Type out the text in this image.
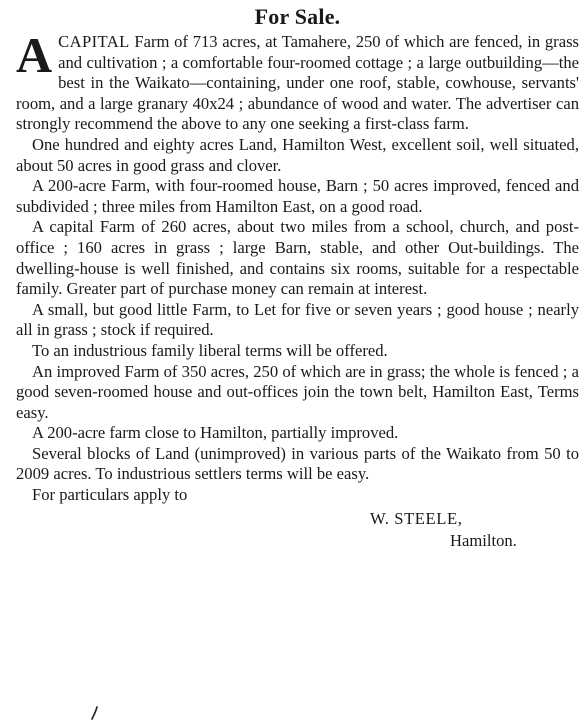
For Sale.

ACAPITAL Farm of 713 acres, at Tamahere, 250 of which are fenced, in grass and cultivation ; a comfortable four-roomed cottage ; a large outbuilding—the best in the Waikato—containing, under one roof, stable, cowhouse, servants' room, and a large granary 40x24 ; abundance of wood and water. The advertiser can strongly recommend the above to any one seeking a first-class farm.

One hundred and eighty acres Land, Hamilton West, excellent soil, well situated, about 50 acres in good grass and clover.

A 200-acre Farm, with four-roomed house, Barn ; 50 acres improved, fenced and subdivided ; three miles from Hamilton East, on a good road.

A capital Farm of 260 acres, about two miles from a school, church, and post-office ; 160 acres in grass ; large Barn, stable, and other Out-buildings. The dwelling-house is well finished, and contains six rooms, suitable for a respectable family. Greater part of purchase money can remain at interest.

A small, but good little Farm, to Let for five or seven years ; good house ; nearly all in grass ; stock if required.

To an industrious family liberal terms will be offered.

An improved Farm of 350 acres, 250 of which are in grass; the whole is fenced ; a good seven-roomed house and out-offices join the town belt, Hamilton East, Terms easy.

A 200-acre farm close to Hamilton, partially improved.

Several blocks of Land (unimproved) in various parts of the Waikato from 50 to 2009 acres. To industrious settlers terms will be easy.

For particulars apply to

W. STEELE,
Hamilton.
